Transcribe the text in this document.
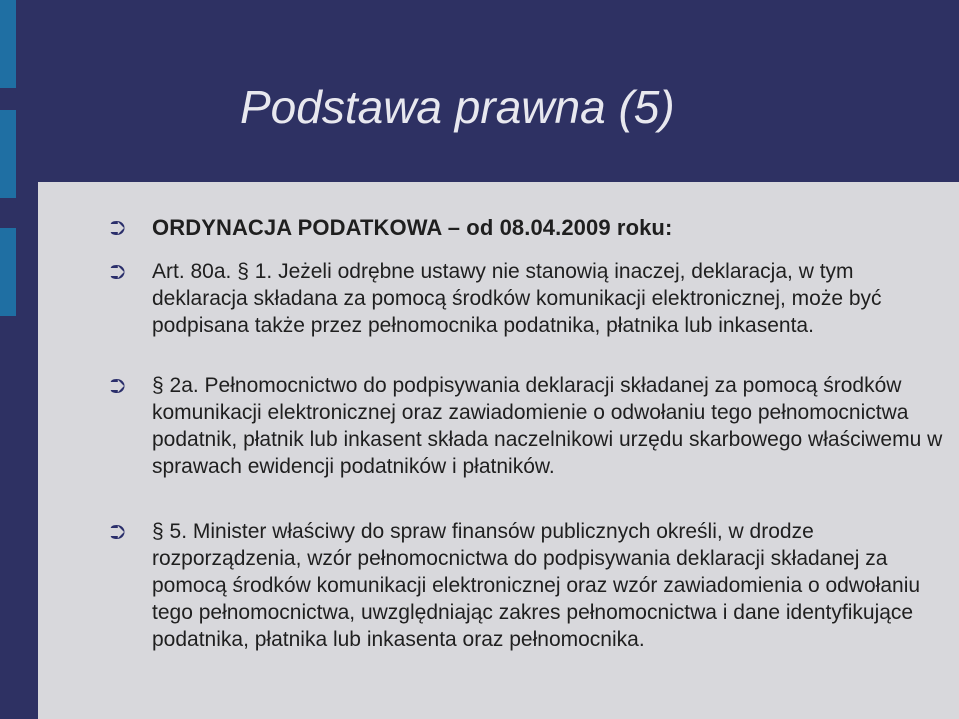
Podstawa prawna (5)
⮊ ORDYNACJA PODATKOWA – od 08.04.2009 roku:

⮊ Art. 80a. § 1. Jeżeli odrębne ustawy nie stanowią inaczej, deklaracja, w tym deklaracja składana za pomocą środków komunikacji elektronicznej, może być podpisana także przez pełnomocnika podatnika, płatnika lub inkasenta.

⮊ § 2a. Pełnomocnictwo do podpisywania deklaracji składanej za pomocą środków komunikacji elektronicznej oraz zawiadomienie o odwołaniu tego pełnomocnictwa podatnik, płatnik lub inkasent składa naczelnikowi urzędu skarbowego właściwemu w sprawach ewidencji podatników i płatników.

⮊ § 5. Minister właściwy do spraw finansów publicznych określi, w drodze rozporządzenia, wzór pełnomocnictwa do podpisywania deklaracji składanej za pomocą środków komunikacji elektronicznej oraz wzór zawiadomienia o odwołaniu tego pełnomocnictwa, uwzględniając zakres pełnomocnictwa i dane identyfikujące podatnika, płatnika lub inkasenta oraz pełnomocnika.
